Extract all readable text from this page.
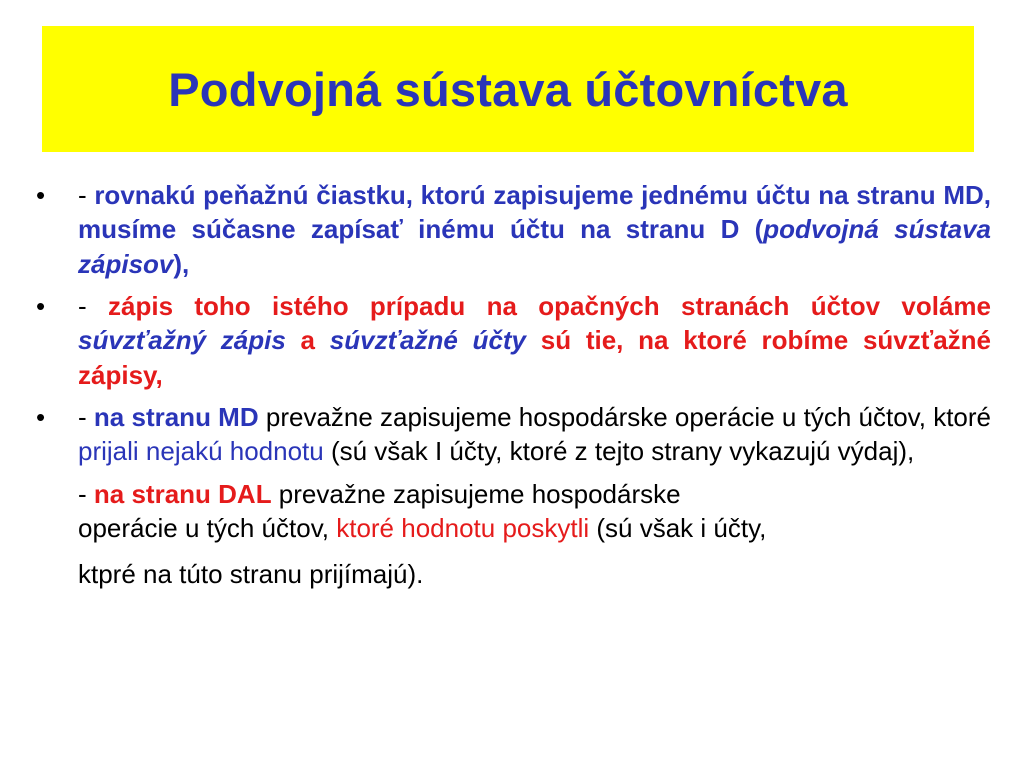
Podvojná sústava účtovníctva
• - rovnakú peňažnú čiastku, ktorú zapisujeme jednému účtu na stranu MD, musíme súčasne zapísať inému účtu na stranu D (podvojná sústava zápisov),
• - zápis toho istého prípadu na opačných stranách účtov voláme súvzťažný zápis a súvzťažné účty sú tie, na ktoré robíme súvzťažné zápisy,
• - na stranu MD prevažne zapisujeme hospodárske operácie u tých účtov, ktoré prijali nejakú hodnotu (sú však I účty, ktoré z tejto strany vykazujú výdaj),
- na stranu DAL prevažne zapisujeme hospodárske
operácie u tých účtov, ktoré hodnotu poskytli (sú však i účty,
ktpré na túto stranu prijímajú).
